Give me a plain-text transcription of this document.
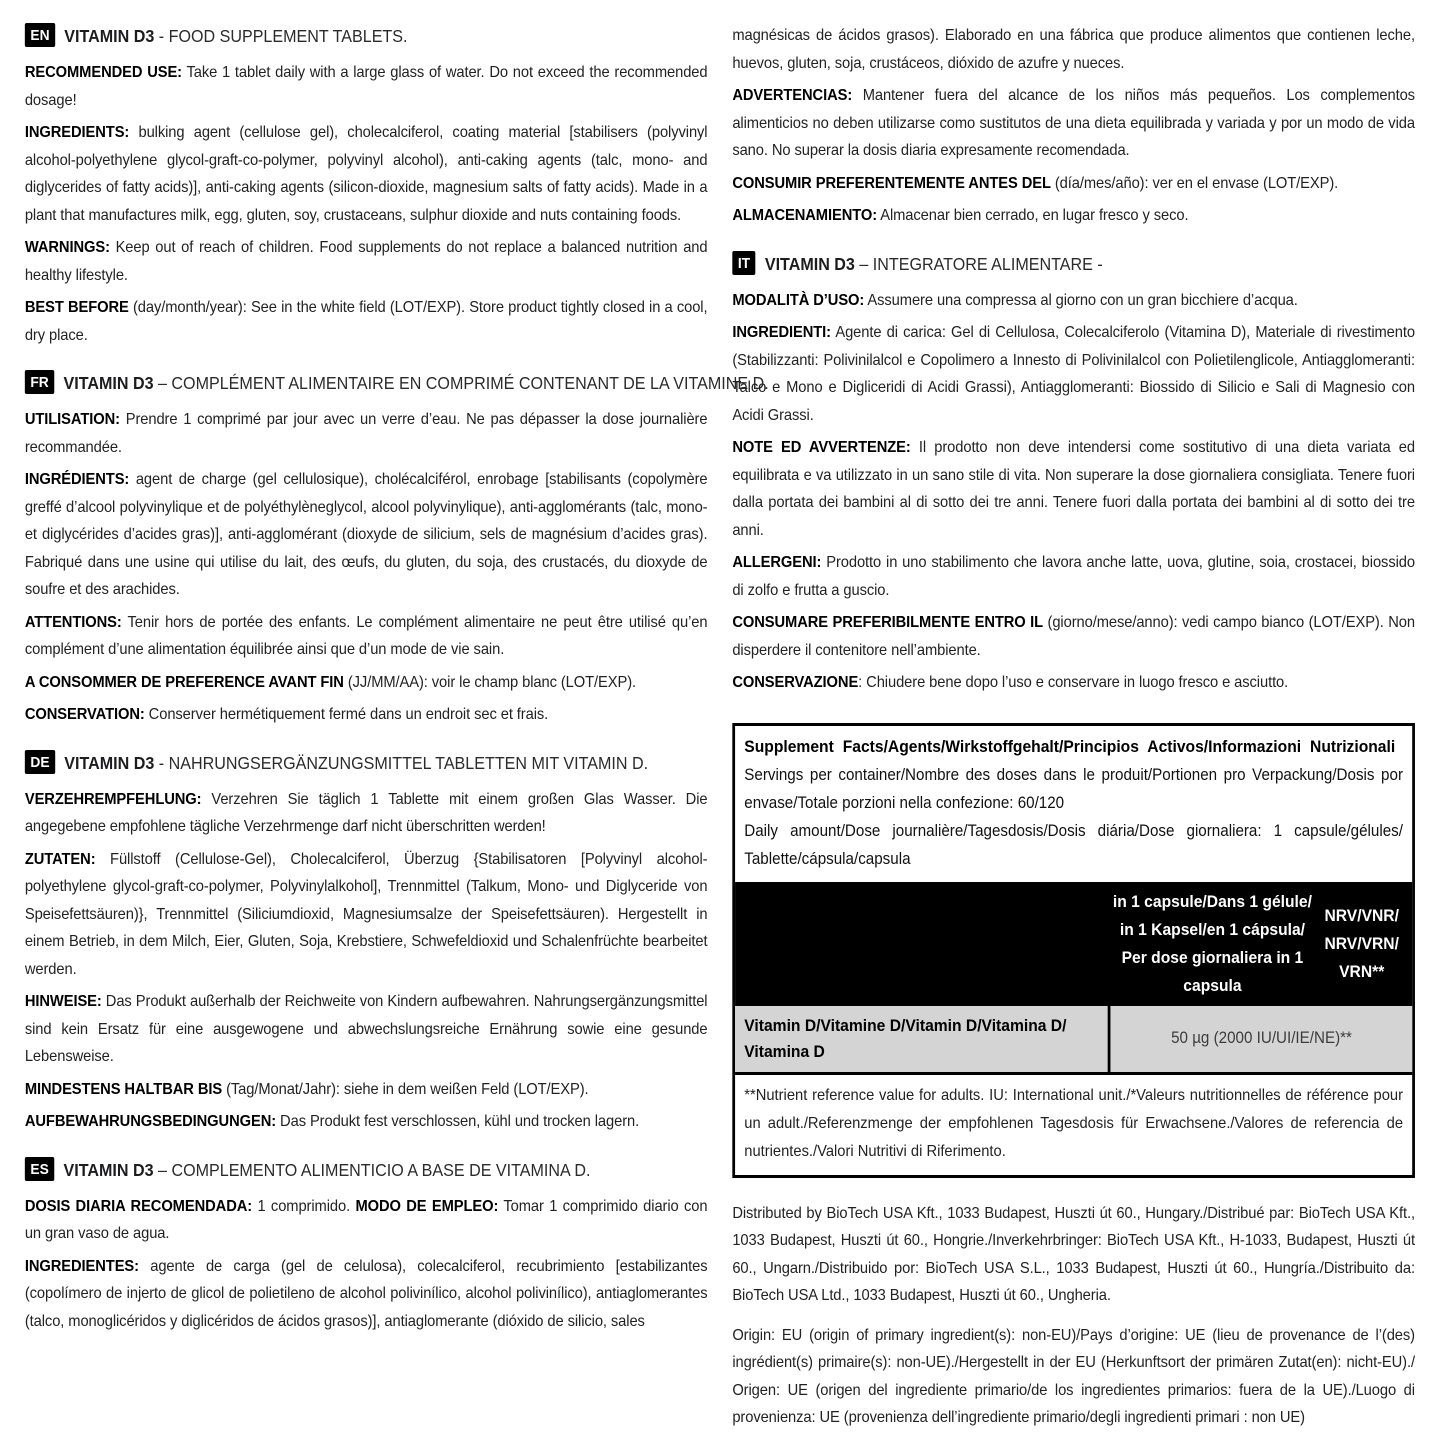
EN VITAMIN D3 - FOOD SUPPLEMENT TABLETS.

RECOMMENDED USE: Take 1 tablet daily with a large glass of water. Do not exceed the recommended dosage!

INGREDIENTS: bulking agent (cellulose gel), cholecalciferol, coating material [stabilisers (polyvinyl alcohol-polyethylene glycol-graft-co-polymer, polyvinyl alcohol), anti-caking agents (talc, mono- and diglycerides of fatty acids)], anti-caking agents (silicon-dioxide, magnesium salts of fatty acids). Made in a plant that manufactures milk, egg, gluten, soy, crustaceans, sulphur dioxide and nuts containing foods.

WARNINGS: Keep out of reach of children. Food supplements do not replace a balanced nutrition and healthy lifestyle.

BEST BEFORE (day/​month/​year): See in the white field (LOT/​EXP). Store product tightly closed in a cool, dry place.

FR VITAMIN D3 – COMPLÉMENT ALIMENTAIRE EN COMPRIMÉ CONTENANT DE LA VITAMINE D.

UTILISATION: Prendre 1 comprimé par jour avec un verre d’eau. Ne pas dépasser la dose journalière recommandée.

INGRÉDIENTS: agent de charge (gel cellulosique), cholécalciférol, enrobage [stabilisants (copolymère greffé d’alcool polyvinylique et de polyéthylèneglycol, alcool polyvinylique), anti-agglomérants (talc, mono- et diglycérides d’acides gras)], anti-agglomérant (dioxyde de silicium, sels de magnésium d’acides gras). Fabriqué dans une usine qui utilise du lait, des œufs, du gluten, du soja, des crustacés, du dioxyde de soufre et des arachides.

ATTENTIONS: Tenir hors de portée des enfants. Le complément alimentaire ne peut être utilisé qu’en complément d’une alimentation équilibrée ainsi que d’un mode de vie sain.

A CONSOMMER DE PREFERENCE AVANT FIN (JJ/​MM/​AA): voir le champ blanc (LOT/​EXP).

CONSERVATION: Conserver hermétiquement fermé dans un endroit sec et frais.

DE VITAMIN D3 - NAHRUNGSERGÄNZUNGSMITTEL TABLETTEN MIT VITAMIN D.

VERZEHREMPFEHLUNG: Verzehren Sie täglich 1 Tablette mit einem großen Glas Wasser. Die angegebene empfohlene tägliche Verzehrmenge darf nicht überschritten werden!

ZUTATEN: Füllstoff (Cellulose-Gel), Cholecalciferol, Überzug {Stabilisatoren [Polyvinyl alcohol-polyethylene glycol-graft-co-polymer, Polyvinylalkohol], Trennmittel (Talkum, Mono- und Diglyceride von Speisefettsäuren)}, Trennmittel (Siliciumdioxid, Magnesiumsalze der Speisefettsäuren). Hergestellt in einem Betrieb, in dem Milch, Eier, Gluten, Soja, Krebstiere, Schwefeldioxid und Schalenfrüchte bearbeitet werden.

HINWEISE: Das Produkt außerhalb der Reichweite von Kindern aufbewahren. Nahrungsergänzungsmittel sind kein Ersatz für eine ausgewogene und abwechslungsreiche Ernährung sowie eine gesunde Lebensweise.

MINDESTENS HALTBAR BIS (Tag/​Monat/​Jahr): siehe in dem weißen Feld (LOT/​EXP).

AUFBEWAHRUNGSBEDINGUNGEN: Das Produkt fest verschlossen, kühl und trocken lagern.

ES VITAMIN D3 – COMPLEMENTO ALIMENTICIO A BASE DE VITAMINA D.

DOSIS DIARIA RECOMENDADA: 1 comprimido. MODO DE EMPLEO: Tomar 1 comprimido diario con un gran vaso de agua.

INGREDIENTES: agente de carga (gel de celulosa), colecalciferol, recubrimiento [estabilizantes (copolímero de injerto de glicol de polietileno de alcohol polivinílico, alcohol polivinílico), antiaglomerantes (talco, monoglicéridos y diglicéridos de ácidos grasos)], antiaglomerante (dióxido de silicio, sales

magnésicas de ácidos grasos). Elaborado en una fábrica que produce alimentos que contienen leche, huevos, gluten, soja, crustáceos, dióxido de azufre y nueces.

ADVERTENCIAS: Mantener fuera del alcance de los niños más pequeños. Los complementos alimenticios no deben utilizarse como sustitutos de una dieta equilibrada y variada y por un modo de vida sano. No superar la dosis diaria expresamente recomendada.

CONSUMIR PREFERENTEMENTE ANTES DEL (día/​mes/​año): ver en el envase (LOT/​EXP).

ALMACENAMIENTO: Almacenar bien cerrado, en lugar fresco y seco.

IT VITAMIN D3 – INTEGRATORE ALIMENTARE -

MODALITÀ D’USO: Assumere una compressa al giorno con un gran bicchiere d’acqua.

INGREDIENTI: Agente di carica: Gel di Cellulosa, Colecalciferolo (Vitamina D), Materiale di rivestimento (Stabilizzanti: Polivinilalcol e Copolimero a Innesto di Polivinilalcol con Polietilenglicole, Antiagglomeranti: Talco e Mono e Digliceridi di Acidi Grassi), Antiagglomeranti: Biossido di Silicio e Sali di Magnesio con Acidi Grassi.

NOTE ED AVVERTENZE: Il prodotto non deve intendersi come sostitutivo di una dieta variata ed equilibrata e va utilizzato in un sano stile di vita. Non superare la dose giornaliera consigliata. Tenere fuori dalla portata dei bambini al di sotto dei tre anni. Tenere fuori dalla portata dei bambini al di sotto dei tre anni.

ALLERGENI: Prodotto in uno stabilimento che lavora anche latte, uova, glutine, soia, crostacei, biossido di zolfo e frutta a guscio.

CONSUMARE PREFERIBILMENTE ENTRO IL (giorno/​mese/​anno): vedi campo bianco (LOT/​EXP). Non disperdere il contenitore nell’ambiente.

CONSERVAZIONE: Chiudere bene dopo l’uso e conservare in luogo fresco e asciutto.

Supplement Facts/​Agents/​Wirkstoffgehalt/​Principios Activos/​Informazioni Nutrizionali
Servings per container/​Nombre des doses dans le produit/​Portionen pro Verpackung/​Dosis por envase/​Totale porzioni nella confezione: 60/​120
Daily amount/​Dose journalière/​Tagesdosis/​Dosis diária/​Dose giornaliera: 1 capsule/​gélules/​Tablette/​cápsula/​capsula
in 1 capsule/​Dans 1 gélule/​in 1 Kapsel/​en 1 cápsula/​Per dose giornaliera in 1 capsula
NRV/​VNR/​NRV/​VRN/​VRN**
Vitamin D/​Vitamine D/​Vitamin D/​Vitamina D/​Vitamina D
50 µg (2000 IU/UI/IE/NE)**
**Nutrient reference value for adults. IU: International unit./​*Valeurs nutritionnelles de référence pour un adult./​Referenzmenge der empfohlenen Tagesdosis für Erwachsene./​Valores de referencia de nutrientes./​Valori Nutritivi di Riferimento.

Distributed by BioTech USA Kft., 1033 Budapest, Huszti út 60., Hungary./​Distribué par: BioTech USA Kft., 1033 Budapest, Huszti út 60., Hongrie./​Inverkehrbringer: BioTech USA Kft., H-1033, Budapest, Huszti út 60., Ungarn./​Distribuido por: BioTech USA S.L., 1033 Budapest, Huszti út 60., Hungría./​Distribuito da: BioTech USA Ltd., 1033 Budapest, Huszti út 60., Ungheria.

Origin: EU (origin of primary ingredient(s): non-EU)/​Pays d’origine: UE (lieu de provenance de l’(des) ingrédient(s) primaire(s): non-UE)./​Hergestellt in der EU (Herkunftsort der primären Zutat(en): nicht-EU)./​Origen: UE (origen del ingrediente primario/​de los ingredientes primarios: fuera de la UE)./​Luogo di provenienza: UE (provenienza dell’ingrediente primario/​degli ingredienti primari : non UE)
